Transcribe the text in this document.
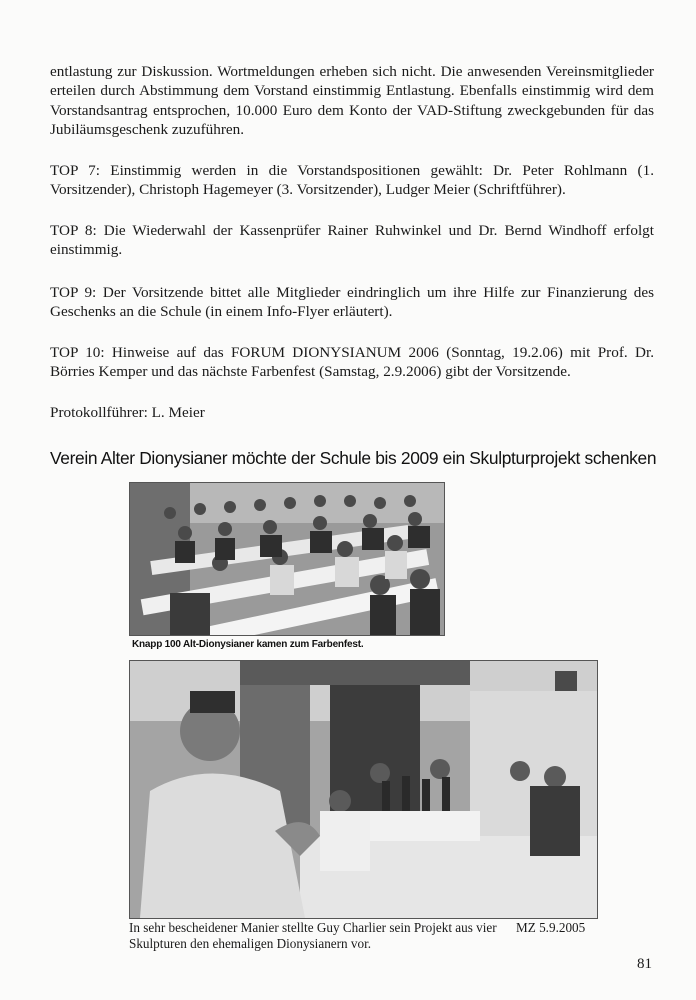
entlastung zur Diskussion. Wortmeldungen erheben sich nicht. Die anwesenden Vereinsmitglieder erteilen durch Abstimmung dem Vorstand einstimmig Entlastung. Ebenfalls einstimmig wird dem Vorstandsantrag entsprochen, 10.000 Euro dem Konto der VAD-Stiftung zweckgebunden für das Jubiläumsgeschenk zuzuführen.

TOP 7: Einstimmig werden in die Vorstandspositionen gewählt: Dr. Peter Rohlmann (1. Vorsitzender), Christoph Hagemeyer (3. Vorsitzender), Ludger Meier (Schriftführer).

TOP 8: Die Wiederwahl der Kassenprüfer Rainer Ruhwinkel und Dr. Bernd Windhoff erfolgt einstimmig.

TOP 9: Der Vorsitzende bittet alle Mitglieder eindringlich um ihre Hilfe zur Finanzierung des Geschenks an die Schule (in einem Info-Flyer erläutert).

TOP 10: Hinweise auf das FORUM DIONYSIANUM 2006 (Sonntag, 19.2.06) mit Prof. Dr. Börries Kemper und das nächste Farbenfest (Samstag, 2.9.2006) gibt der Vorsitzende.

Protokollführer: L. Meier

Verein Alter Dionysianer möchte der Schule bis 2009 ein Skulpturprojekt schenken

Knapp 100 Alt-Dionysianer kamen zum Farbenfest.

In sehr bescheidener Manier stellte Guy Charlier sein Projekt aus vier Skulpturen den ehemaligen Dionysianern vor.

MZ 5.9.2005

81
